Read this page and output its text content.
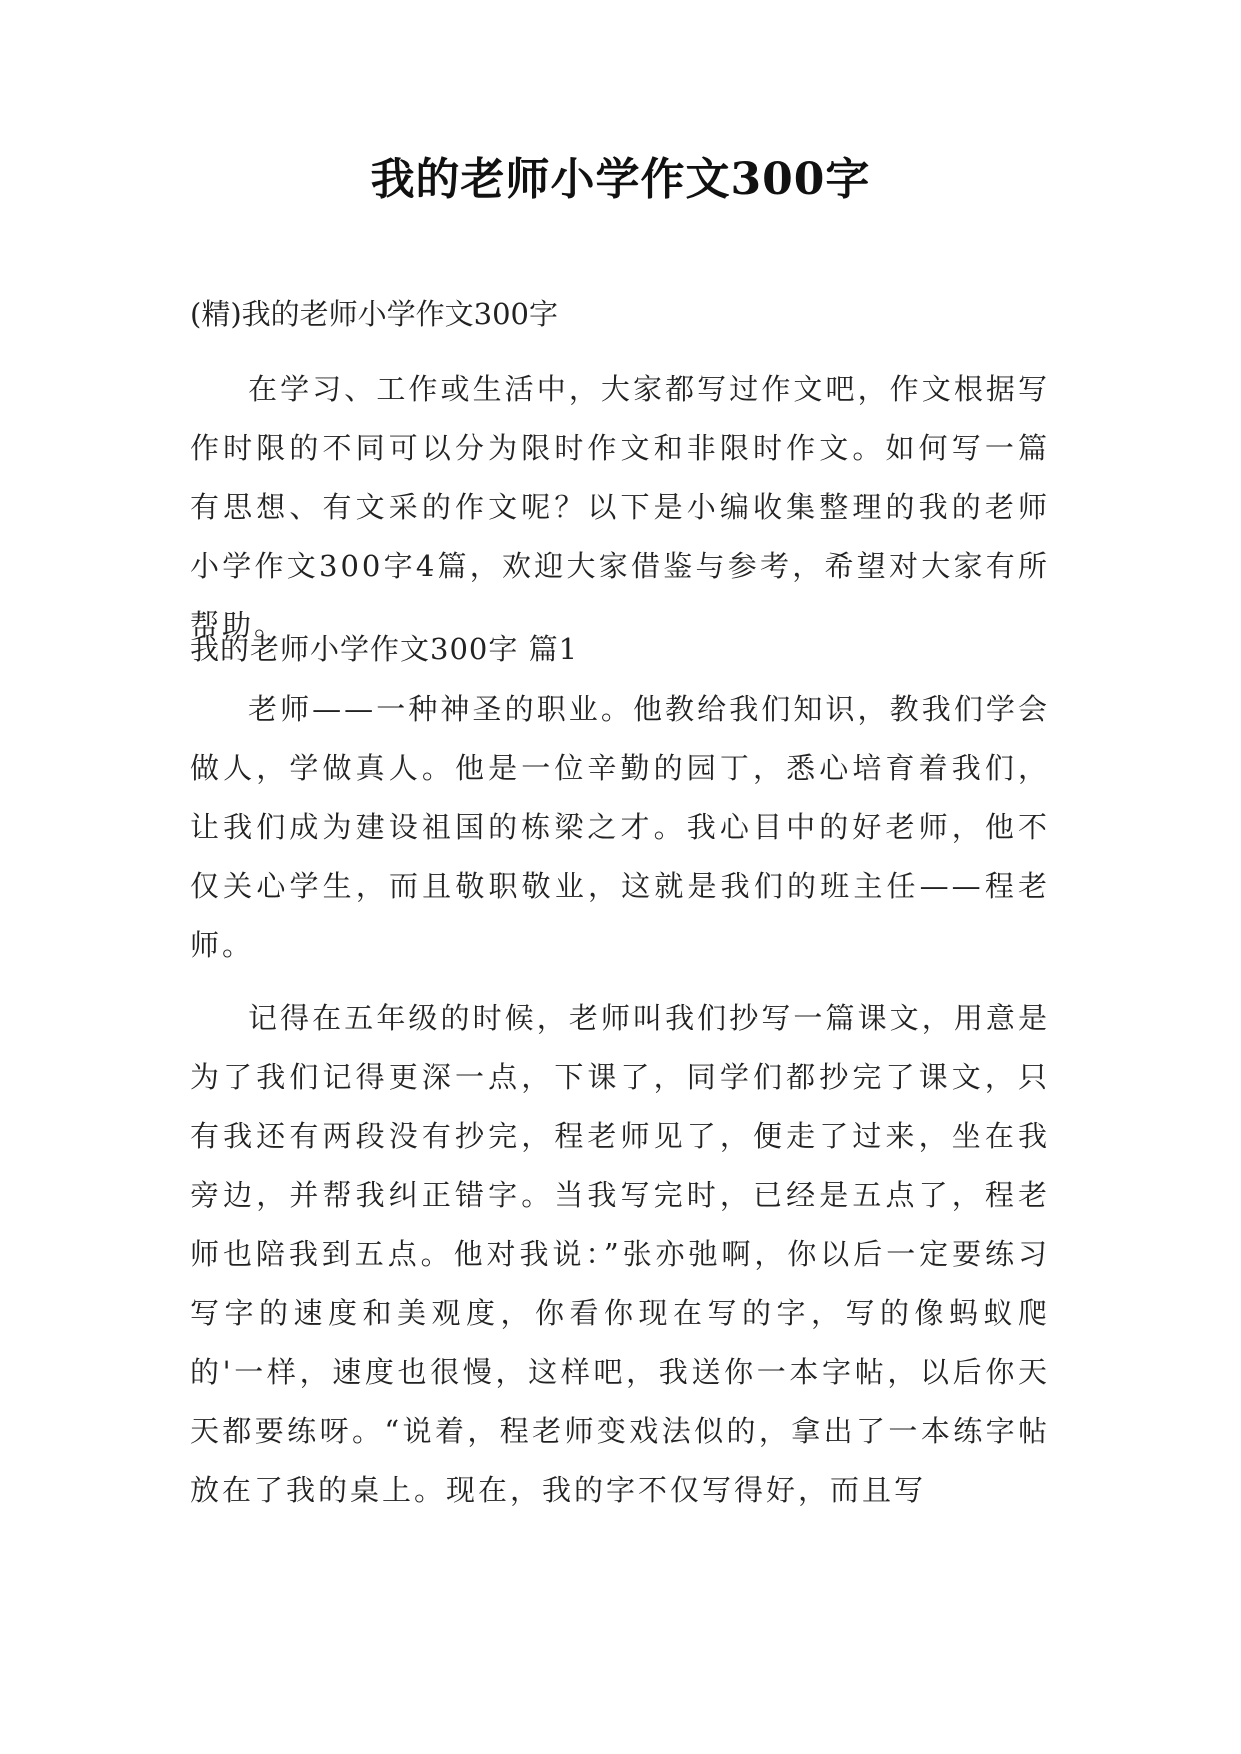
我的老师小学作文300字
(精)我的老师小学作文300字

在学习、工作或生活中，大家都写过作文吧，作文根据写作时限的不同可以分为限时作文和非限时作文。如何写一篇有思想、有文采的作文呢？以下是小编收集整理的我的老师小学作文300字4篇，欢迎大家借鉴与参考，希望对大家有所帮助。

我的老师小学作文300字 篇1

老师——一种神圣的职业。他教给我们知识，教我们学会做人，学做真人。他是一位辛勤的园丁，悉心培育着我们，让我们成为建设祖国的栋梁之才。我心目中的好老师，他不仅关心学生，而且敬职敬业，这就是我们的班主任——程老师。

记得在五年级的时候，老师叫我们抄写一篇课文，用意是为了我们记得更深一点，下课了，同学们都抄完了课文，只有我还有两段没有抄完，程老师见了，便走了过来，坐在我旁边，并帮我纠正错字。当我写完时，已经是五点了，程老师也陪我到五点。他对我说：”张亦弛啊，你以后一定要练习写字的速度和美观度，你看你现在写的字，写的像蚂蚁爬的'一样，速度也很慢，这样吧，我送你一本字帖，以后你天天都要练呀。“说着，程老师变戏法似的，拿出了一本练字帖放在了我的桌上。现在，我的字不仅写得好，而且写
